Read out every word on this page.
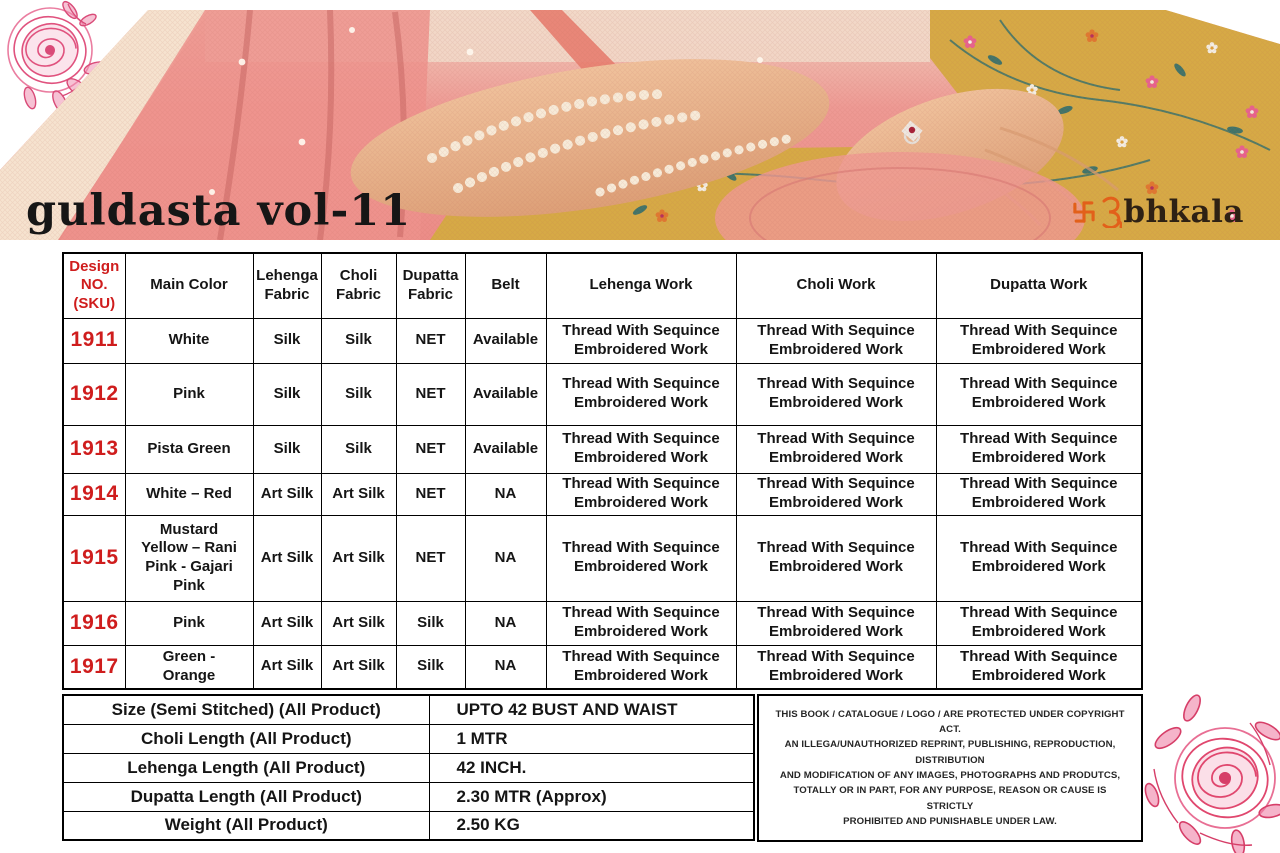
guldasta vol-11	bhkala
Design NO. (SKU)	Main Color	Lehenga Fabric	Choli Fabric	Dupatta Fabric	Belt	Lehenga Work	Choli Work	Dupatta Work
1911	White	Silk	Silk	NET	Available	Thread With Sequince Embroidered Work	Thread With Sequince Embroidered Work	Thread With Sequince Embroidered Work
1912	Pink	Silk	Silk	NET	Available	Thread With Sequince Embroidered Work	Thread With Sequince Embroidered Work	Thread With Sequince Embroidered Work
1913	Pista Green	Silk	Silk	NET	Available	Thread With Sequince Embroidered Work	Thread With Sequince Embroidered Work	Thread With Sequince Embroidered Work
1914	White – Red	Art Silk	Art Silk	NET	NA	Thread With Sequince Embroidered Work	Thread With Sequince Embroidered Work	Thread With Sequince Embroidered Work
1915	Mustard Yellow – Rani Pink - Gajari Pink	Art Silk	Art Silk	NET	NA	Thread With Sequince Embroidered Work	Thread With Sequince Embroidered Work	Thread With Sequince Embroidered Work
1916	Pink	Art Silk	Art Silk	Silk	NA	Thread With Sequince Embroidered Work	Thread With Sequince Embroidered Work	Thread With Sequince Embroidered Work
1917	Green - Orange	Art Silk	Art Silk	Silk	NA	Thread With Sequince Embroidered Work	Thread With Sequince Embroidered Work	Thread With Sequince Embroidered Work
Size (Semi Stitched) (All Product)	UPTO 42 BUST AND WAIST
Choli Length (All Product)	1 MTR
Lehenga Length (All Product)	42 INCH.
Dupatta Length (All Product)	2.30 MTR (Approx)
Weight (All Product)	2.50 KG
THIS BOOK / CATALOGUE / LOGO / ARE PROTECTED UNDER COPYRIGHT ACT.
AN ILLEGA/UNAUTHORIZED REPRINT, PUBLISHING, REPRODUCTION, DISTRIBUTION
AND MODIFICATION OF ANY IMAGES, PHOTOGRAPHS AND PRODUTCS,
TOTALLY OR IN PART, FOR ANY PURPOSE, REASON OR CAUSE IS STRICTLY
PROHIBITED AND PUNISHABLE UNDER LAW.
